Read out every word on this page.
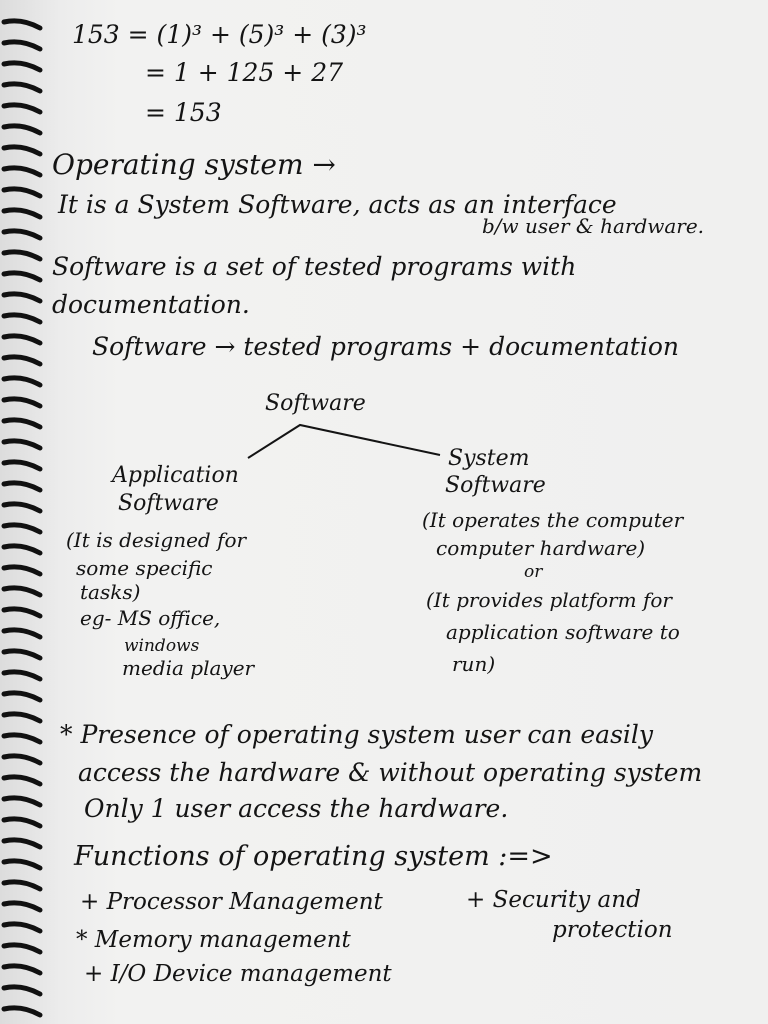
153 = (1)³ + (5)³ + (3)³
= 1 + 125 + 27
= 153
Operating system →
It is a System Software, acts as an interface
b/w user & hardware.
Software is a set of tested programs with
documentation.
Software → tested programs + documentation
Software
Application
Software
(It is designed for
some specific
tasks)
eg- MS office,
windows
media player
System
Software
(It operates the computer
computer hardware)
or
(It provides platform for
application software to
run)
* Presence of operating system user can easily
access the hardware & without operating system
Only 1 user access the hardware.
Functions of operating system :=>
+ Processor Management
* Memory management
+ I/O Device management
+ Security and
protection
